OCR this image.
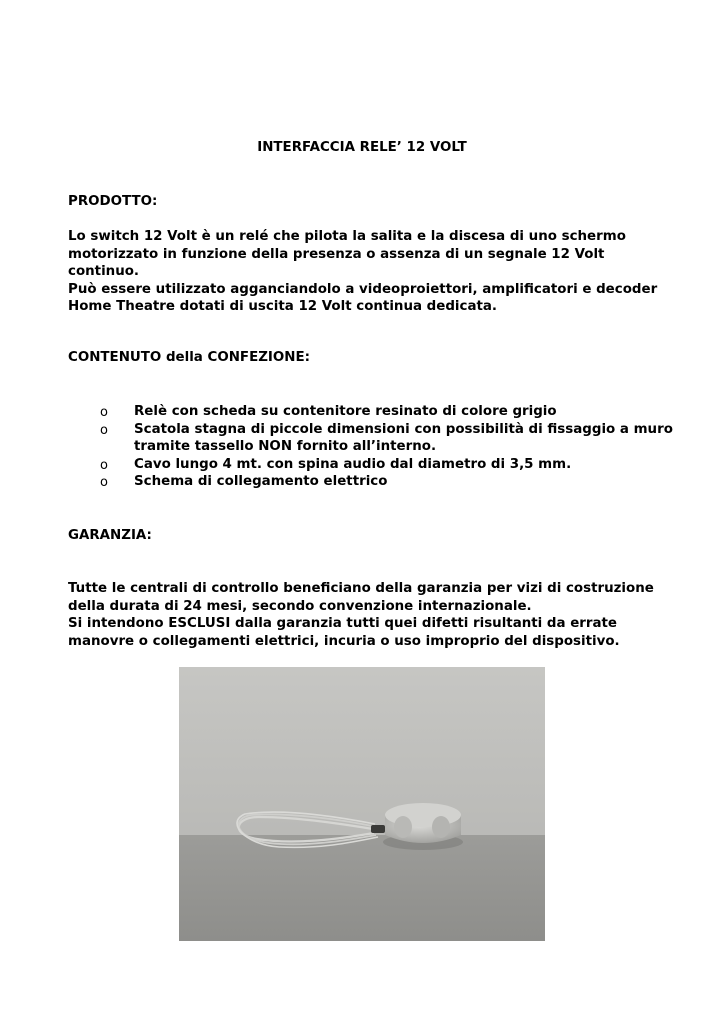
INTERFACCIA RELE’ 12 VOLT
PRODOTTO:
Lo switch 12 Volt è un relé che pilota la salita e la discesa di uno schermo
motorizzato in funzione della presenza o assenza di un segnale 12 Volt
continuo.
Può essere utilizzato agganciandolo a videoproiettori, amplificatori e decoder
Home Theatre dotati di uscita 12 Volt continua dedicata.
CONTENUTO della CONFEZIONE:
o Relè con scheda su contenitore resinato di colore grigio
o Scatola stagna di piccole dimensioni con possibilità di fissaggio a muro
tramite tassello NON fornito all’interno.
o Cavo lungo 4 mt. con spina audio dal diametro di 3,5 mm.
o Schema di collegamento elettrico
GARANZIA:
Tutte le centrali di controllo beneficiano della garanzia per vizi di costruzione
della durata di 24 mesi, secondo convenzione internazionale.
Si intendono ESCLUSI dalla garanzia tutti quei difetti risultanti da errate
manovre o collegamenti elettrici, incuria o uso improprio del dispositivo.
